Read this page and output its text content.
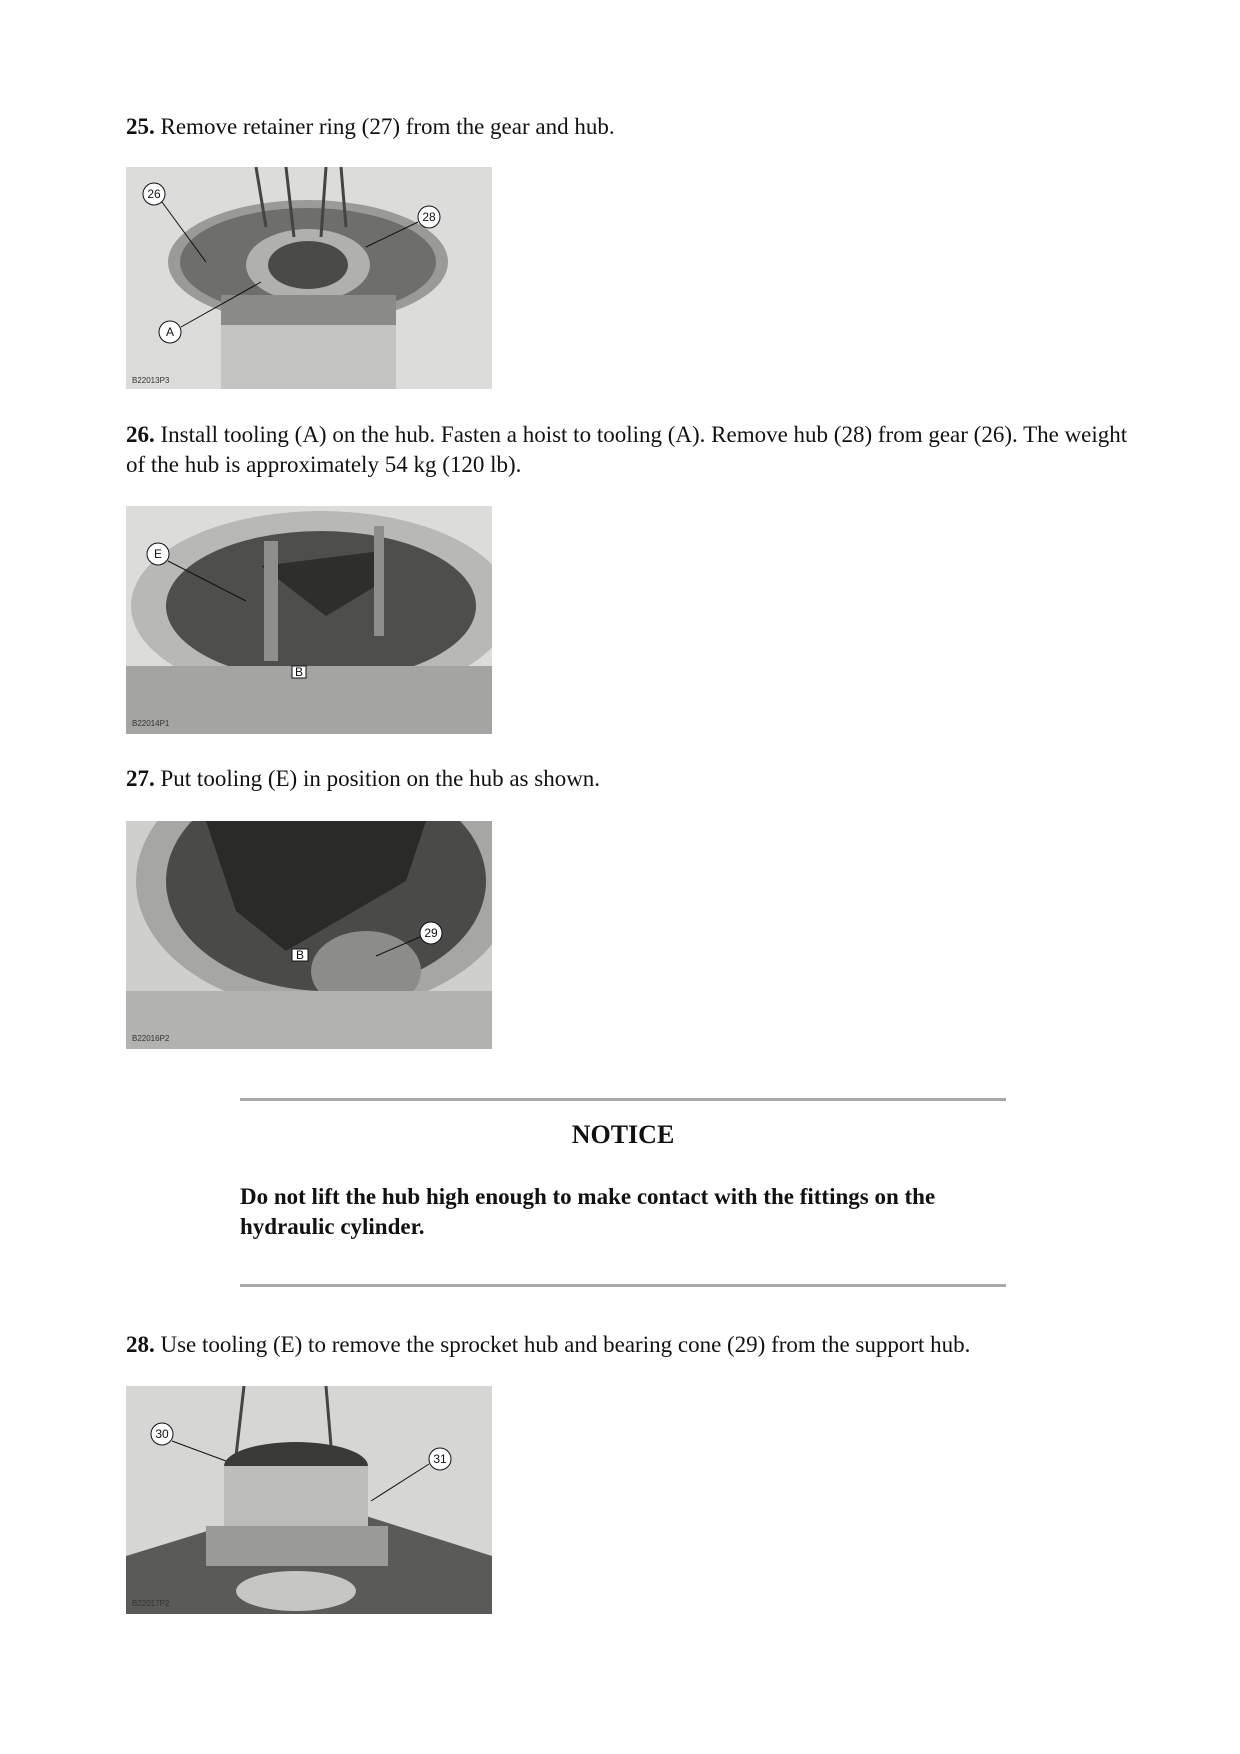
25. Remove retainer ring (27) from the gear and hub.

26
28
A
B22013P3

26. Install tooling (A) on the hub. Fasten a hoist to tooling (A). Remove hub (28) from gear (26). The weight of the hub is approximately 54 kg (120 lb).

E
B
B22014P1

27. Put tooling (E) in position on the hub as shown.

29
B
B22016P2

NOTICE

Do not lift the hub high enough to make contact with the fittings on the hydraulic cylinder.

28. Use tooling (E) to remove the sprocket hub and bearing cone (29) from the support hub.

30
31
B22017P2
